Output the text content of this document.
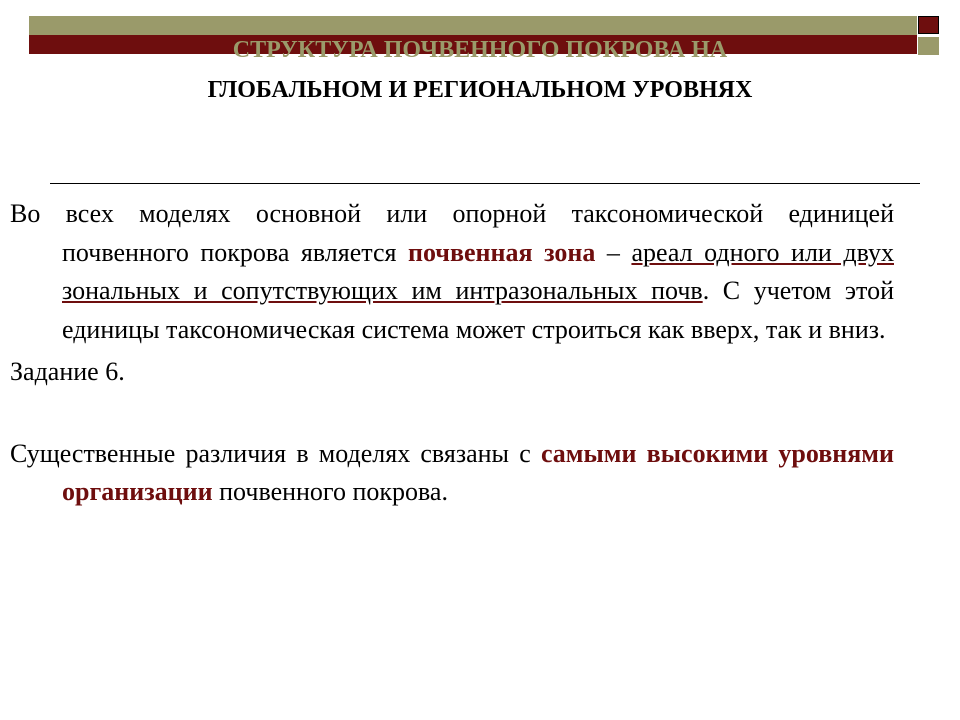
СТРУКТУРА ПОЧВЕННОГО ПОКРОВА НА
ГЛОБАЛЬНОМ И РЕГИОНАЛЬНОМ УРОВНЯХ

Во всех моделях основной или опорной таксономической единицей почвенного покрова является почвенная зона – ареал одного или двух зональных и сопутствующих им интразональных почв. С учетом этой единицы таксономическая система может строиться как вверх, так и вниз.

Задание 6.

Существенные различия в моделях связаны с самыми высокими уровнями организации почвенного покрова.
